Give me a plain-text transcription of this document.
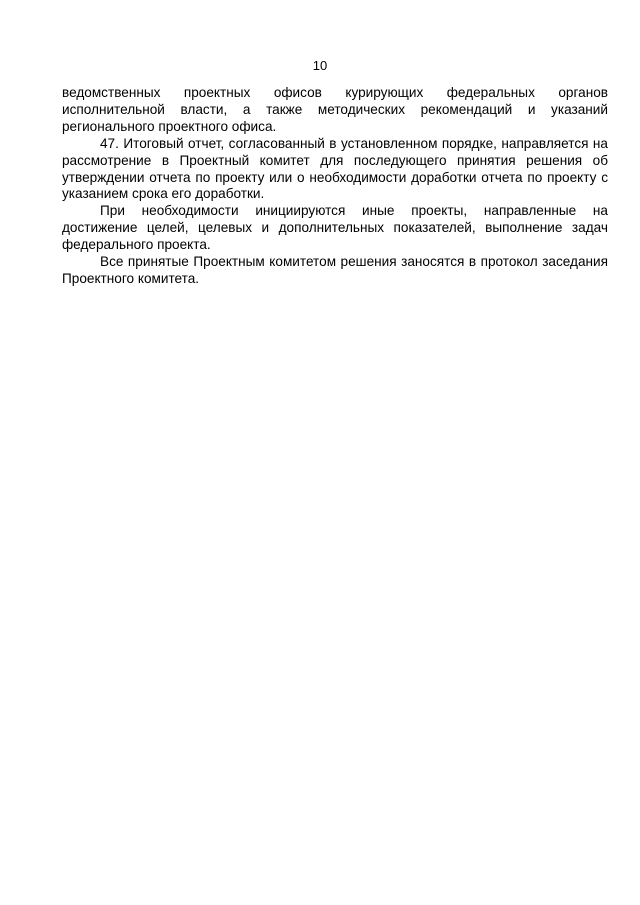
10

ведомственных проектных офисов курирующих федеральных органов исполнительной власти, а также методических рекомендаций и указаний регионального проектного офиса.

47. Итоговый отчет, согласованный в установленном порядке, направляется на рассмотрение в Проектный комитет для последующего принятия решения об утверждении отчета по проекту или о необходимости доработки отчета по проекту с указанием срока его доработки.

При необходимости инициируются иные проекты, направленные на достижение целей, целевых и дополнительных показателей, выполнение задач федерального проекта.

Все принятые Проектным комитетом решения заносятся в протокол заседания Проектного комитета.
